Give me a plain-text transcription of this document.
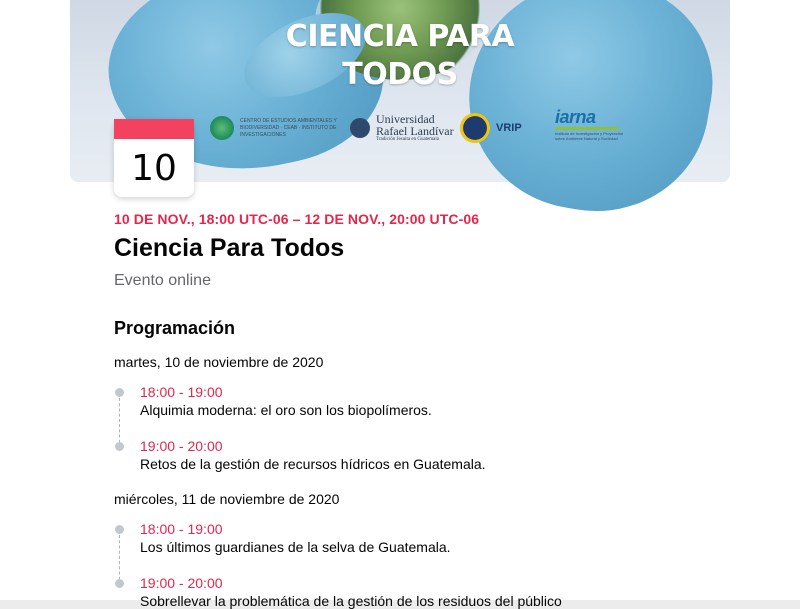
CIENCIA PARA
TODOS
CENTRO DE ESTUDIOS AMBIENTALES Y BIODIVERSIDAD · CEAB · INSTITUTO DE INVESTIGACIONES
Universidad
Rafael Landívar
Tradición Jesuita en Guatemala
VRIP
iarna
Instituto de Investigación y Proyección sobre Ambiente Natural y Sociedad
10
10 DE NOV., 18:00 UTC-06 – 12 DE NOV., 20:00 UTC-06
Ciencia Para Todos
Evento online
Programación
martes, 10 de noviembre de 2020
18:00 - 19:00
Alquimia moderna: el oro son los biopolímeros.
19:00 - 20:00
Retos de la gestión de recursos hídricos en Guatemala.
miércoles, 11 de noviembre de 2020
18:00 - 19:00
Los últimos guardianes de la selva de Guatemala.
19:00 - 20:00
Sobrellevar la problemática de la gestión de los residuos del público
